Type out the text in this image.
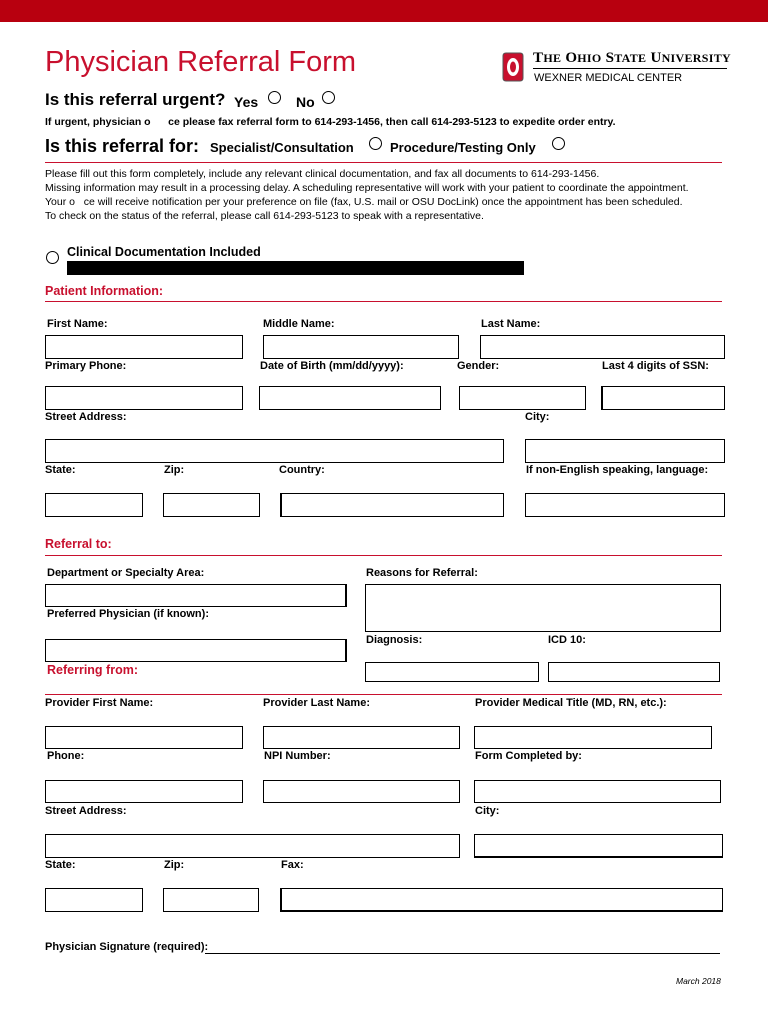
Physician Referral Form	THE OHIO STATE UNIVERSITY
WEXNER MEDICAL CENTER
Is this referral urgent? Yes	No
If urgent, physician o      ce please fax referral form to 614-293-1456, then call 614-293-5123 to expedite order entry.
Is this referral for: Specialist/Consultation	Procedure/Testing Only
Please fill out this form completely, include any relevant clinical documentation, and fax all documents to 614-293-1456.
Missing information may result in a processing delay. A scheduling representative will work with your patient to coordinate the appointment.
Your o   ce will receive notification per your preference on file (fax, U.S. mail or OSU DocLink) once the appointment has been scheduled.
To check on the status of the referral, please call 614-293-5123 to speak with a representative.
Clinical Documentation Included
Patient Information:
First Name:	Middle Name:	Last Name:
Primary Phone:	Date of Birth (mm/dd/yyyy):	Gender:	Last 4 digits of SSN:
Street Address:	City:
State:	Zip:	Country:	If non-English speaking, language:
Referral to:
Department or Specialty Area:	Reasons for Referral:
Preferred Physician (if known):
Diagnosis:	ICD 10:
Referring from:
Provider First Name:	Provider Last Name:	Provider Medical Title (MD, RN, etc.):
Phone:	NPI Number:	Form Completed by:
Street Address:	City:
State:	Zip:	Fax:
Physician Signature (required):
March 2018
